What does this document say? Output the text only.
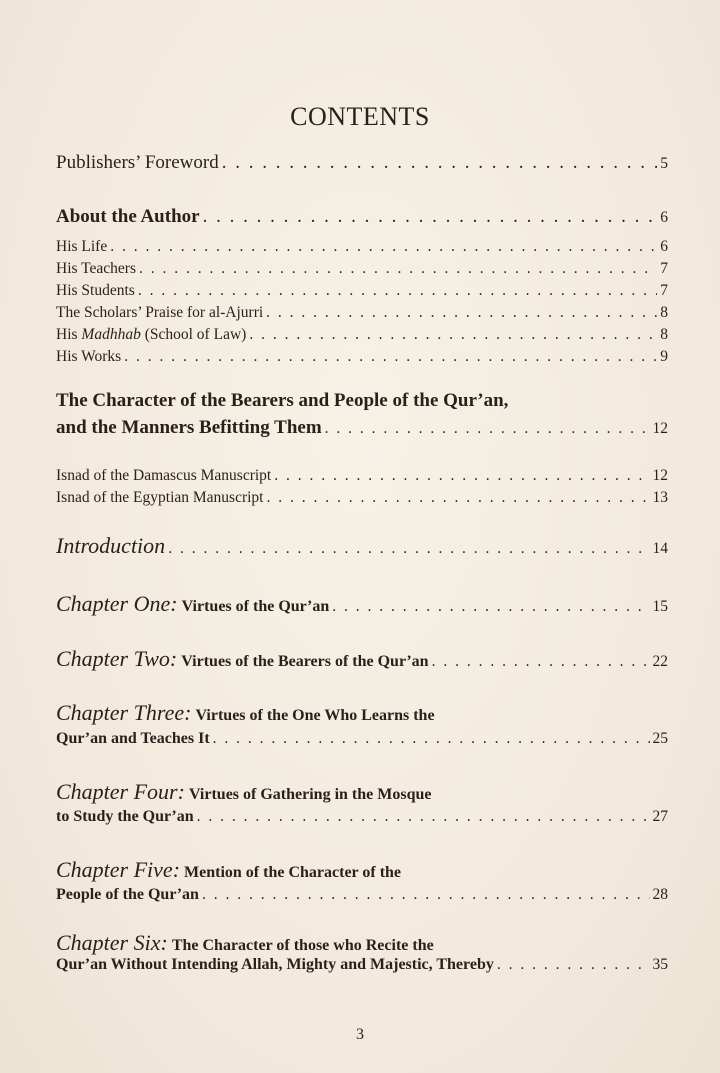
CONTENTS
Publishers’ Foreword . . .	5
About the Author . . .	6
His Life . . .	6
His Teachers . . .	7
His Students . . .	7
The Scholars’ Praise for al-Ajurri . . .	8
His Madhhab (School of Law) . . .	8
His Works . . .	9
The Character of the Bearers and People of the Qur’an,
and the Manners Befitting Them . . .	12
Isnad of the Damascus Manuscript . . .	12
Isnad of the Egyptian Manuscript . . .	13
Introduction . . .	14
Chapter One: Virtues of the Qur’an . . .	15
Chapter Two: Virtues of the Bearers of the Qur’an . . .	22
Chapter Three: Virtues of the One Who Learns the
Qur’an and Teaches It . . .	25
Chapter Four: Virtues of Gathering in the Mosque
to Study the Qur’an . . .	27
Chapter Five: Mention of the Character of the
People of the Qur’an . . .	28
Chapter Six: The Character of those who Recite the
Qur’an Without Intending Allah, Mighty and Majestic, Thereby . . .	35
3
